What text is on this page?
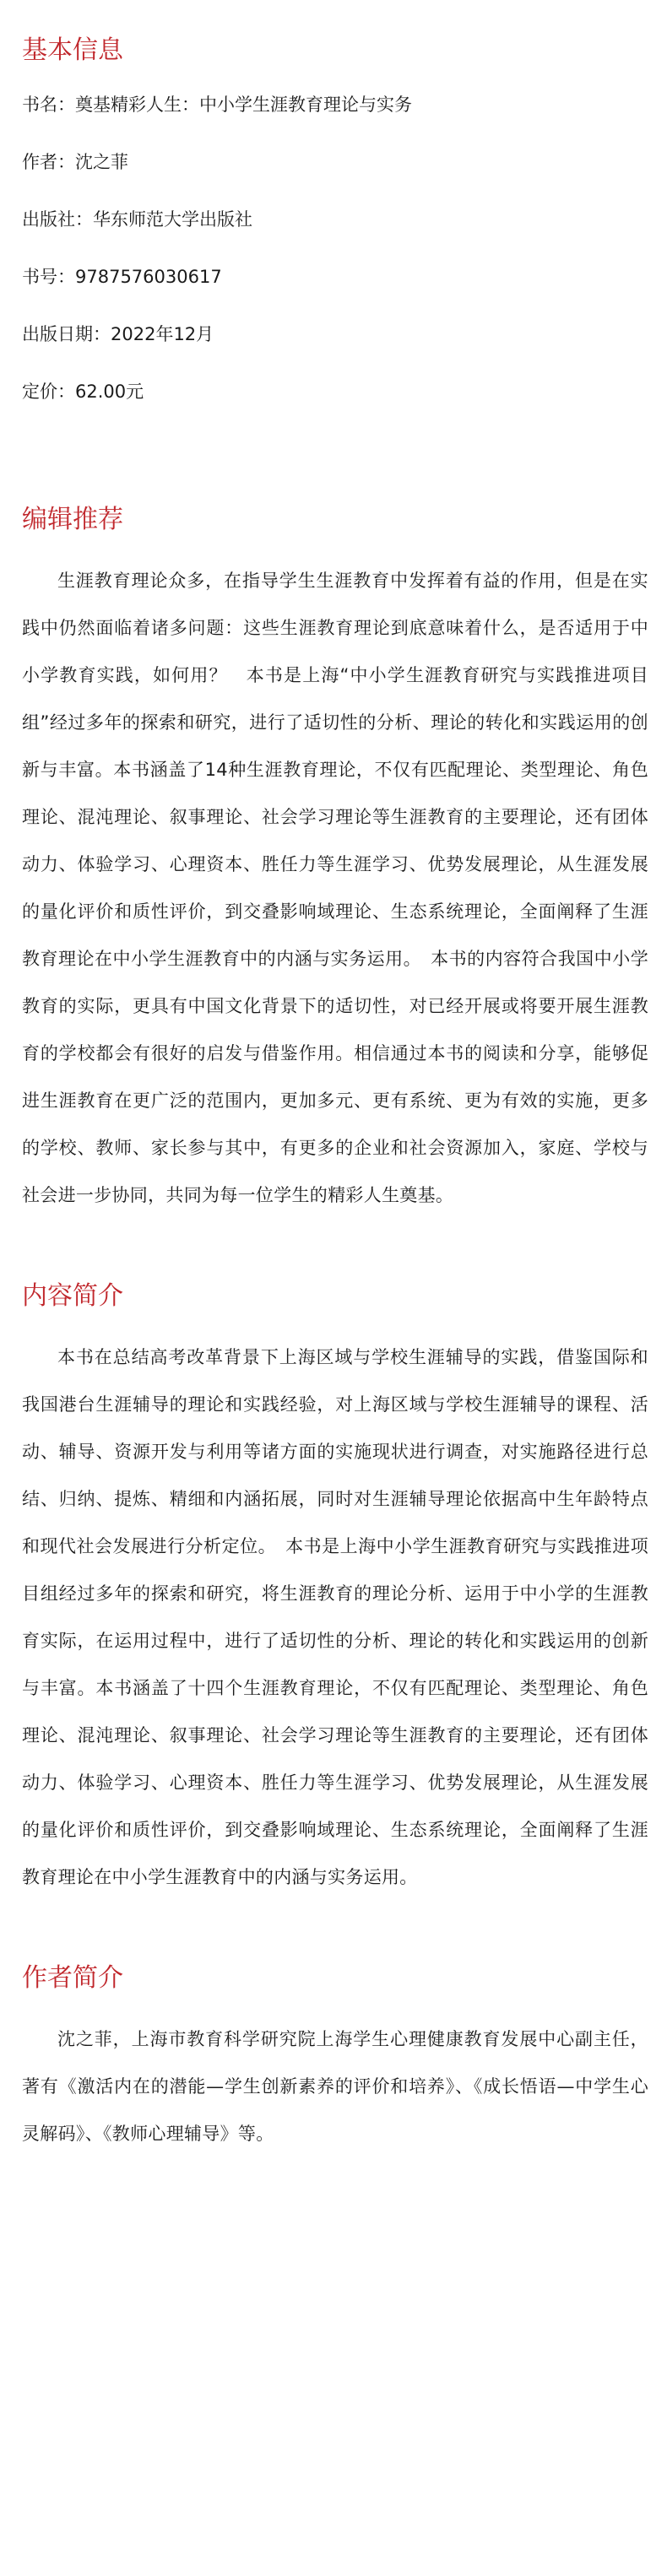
基本信息

书名：奠基精彩人生：中小学生涯教育理论与实务

作者：沈之菲

出版社：华东师范大学出版社

书号：9787576030617

出版日期：2022年12月

定价：62.00元

编辑推荐

生涯教育理论众多，在指导学生生涯教育中发挥着有益的作用，但是在实践中仍然面临着诸多问题：这些生涯教育理论到底意味着什么，是否适用于中小学教育实践，如何用？　本书是上海“中小学生涯教育研究与实践推进项目组”经过多年的探索和研究，进行了适切性的分析、理论的转化和实践运用的创新与丰富。本书涵盖了14种生涯教育理论，不仅有匹配理论、类型理论、角色理论、混沌理论、叙事理论、社会学习理论等生涯教育的主要理论，还有团体动力、体验学习、心理资本、胜任力等生涯学习、优势发展理论，从生涯发展的量化评价和质性评价，到交叠影响域理论、生态系统理论，全面阐释了生涯教育理论在中小学生涯教育中的内涵与实务运用。　本书的内容符合我国中小学教育的实际，更具有中国文化背景下的适切性，对已经开展或将要开展生涯教育的学校都会有很好的启发与借鉴作用。相信通过本书的阅读和分享，能够促进生涯教育在更广泛的范围内，更加多元、更有系统、更为有效的实施，更多的学校、教师、家长参与其中，有更多的企业和社会资源加入，家庭、学校与社会进一步协同，共同为每一位学生的精彩人生奠基。

内容简介

本书在总结高考改革背景下上海区域与学校生涯辅导的实践，借鉴国际和我国港台生涯辅导的理论和实践经验，对上海区域与学校生涯辅导的课程、活动、辅导、资源开发与利用等诸方面的实施现状进行调查，对实施路径进行总结、归纳、提炼、精细和内涵拓展，同时对生涯辅导理论依据高中生年龄特点和现代社会发展进行分析定位。　本书是上海中小学生涯教育研究与实践推进项目组经过多年的探索和研究，将生涯教育的理论分析、运用于中小学的生涯教育实际，在运用过程中，进行了适切性的分析、理论的转化和实践运用的创新与丰富。本书涵盖了十四个生涯教育理论，不仅有匹配理论、类型理论、角色理论、混沌理论、叙事理论、社会学习理论等生涯教育的主要理论，还有团体动力、体验学习、心理资本、胜任力等生涯学习、优势发展理论，从生涯发展的量化评价和质性评价，到交叠影响域理论、生态系统理论，全面阐释了生涯教育理论在中小学生涯教育中的内涵与实务运用。

作者简介

沈之菲，上海市教育科学研究院上海学生心理健康教育发展中心副主任，著有《激活内在的潜能—学生创新素养的评价和培养》、《成长悟语—中学生心灵解码》、《教师心理辅导》等。
